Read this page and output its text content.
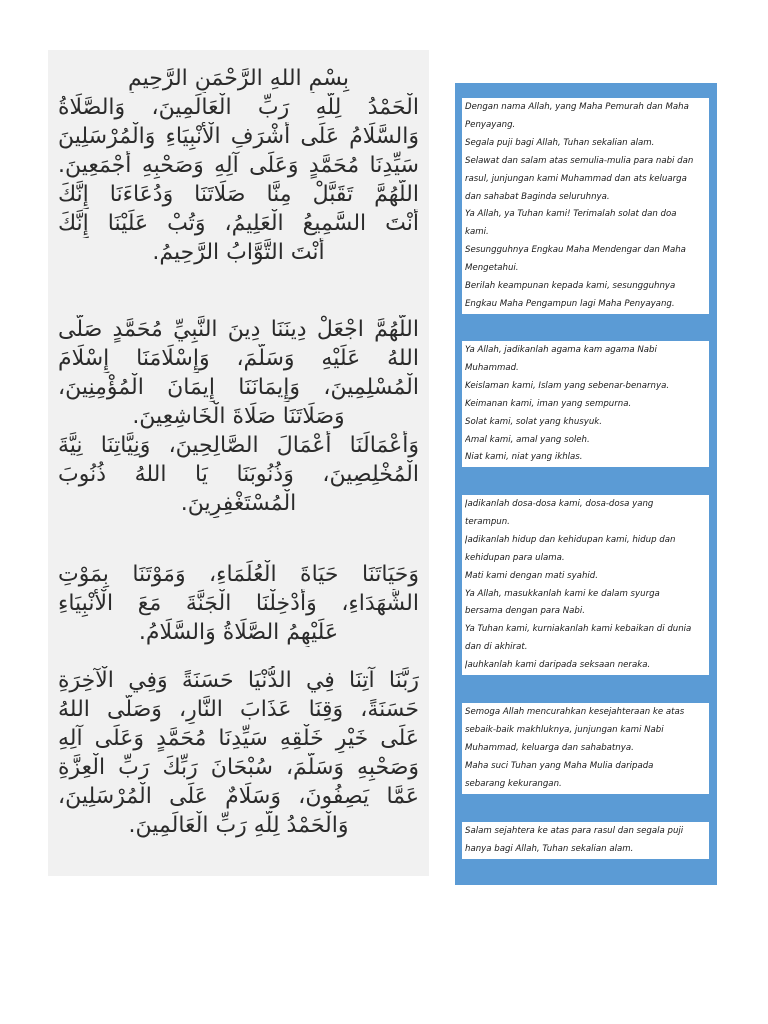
بِسْمِ اللهِ الرَّحْمَنِ الرَّحِيمِ
الْحَمْدُ لِلَّهِ رَبِّ الْعَالَمِينَ، وَالصَّلَاةُ
وَالسَّلَامُ عَلَى أَشْرَفِ الْأَنْبِيَاءِ وَالْمُرْسَلِينَ
سَيِّدِنَا مُحَمَّدٍ وَعَلَى آلِهِ وَصَحْبِهِ أَجْمَعِينَ.
اللَّهُمَّ تَقَبَّلْ مِنَّا صَلَاتَنَا وَدُعَاءَنَا إِنَّكَ
أَنْتَ السَّمِيعُ الْعَلِيمُ، وَتُبْ عَلَيْنَا إِنَّكَ
أَنْتَ التَّوَّابُ الرَّحِيمُ.
اللَّهُمَّ اجْعَلْ دِينَنَا دِينَ النَّبِيِّ مُحَمَّدٍ صَلَّى
اللهُ عَلَيْهِ وَسَلَّمَ، وَإِسْلَامَنَا إِسْلَامَ
الْمُسْلِمِينَ، وَإِيمَانَنَا إِيمَانَ الْمُؤْمِنِينَ،
وَصَلَاتَنَا صَلَاةَ الْخَاشِعِينَ.
وَأَعْمَالَنَا أَعْمَالَ الصَّالِحِينَ، وَنِيَّاتِنَا نِيَّةَ
الْمُخْلِصِينَ، وَذُنُوبَنَا يَا اللهُ ذُنُوبَ
الْمُسْتَغْفِرِينَ.
وَحَيَاتَنَا حَيَاةَ الْعُلَمَاءِ، وَمَوْتَنَا بِمَوْتِ
الشُّهَدَاءِ، وَأَدْخِلْنَا الْجَنَّةَ مَعَ الْأَنْبِيَاءِ
عَلَيْهِمُ الصَّلَاةُ وَالسَّلَامُ.
رَبَّنَا آتِنَا فِي الدُّنْيَا حَسَنَةً وَفِي الْآخِرَةِ
حَسَنَةً، وَقِنَا عَذَابَ النَّارِ، وَصَلَّى اللهُ
عَلَى خَيْرِ خَلْقِهِ سَيِّدِنَا مُحَمَّدٍ وَعَلَى آلِهِ
وَصَحْبِهِ وَسَلَّمَ، سُبْحَانَ رَبِّكَ رَبِّ الْعِزَّةِ
عَمَّا يَصِفُونَ، وَسَلَامٌ عَلَى الْمُرْسَلِينَ،
وَالْحَمْدُ لِلَّهِ رَبِّ الْعَالَمِينَ.
Dengan nama Allah, yang Maha Pemurah dan Maha
Penyayang.
Segala puji bagi Allah, Tuhan sekalian alam.
Selawat dan salam atas semulia-mulia para nabi dan
rasul, junjungan kami Muhammad dan ats keluarga
dan sahabat Baginda seluruhnya.
Ya Allah, ya Tuhan kami! Terimalah solat dan doa
kami.
Sesungguhnya Engkau Maha Mendengar dan Maha
Mengetahui.
Berilah keampunan kepada kami, sesungguhnya
Engkau Maha Pengampun lagi Maha Penyayang.
Ya Allah, jadikanlah agama kam agama Nabi
Muhammad.
Keislaman kami, Islam yang sebenar-benarnya.
Keimanan kami, iman yang sempurna.
Solat kami, solat yang khusyuk.
Amal kami, amal yang soleh.
Niat kami, niat yang ikhlas.
Jadikanlah dosa-dosa kami, dosa-dosa yang
terampun.
Jadikanlah hidup dan kehidupan kami, hidup dan
kehidupan para ulama.
Mati kami dengan mati syahid.
Ya Allah, masukkanlah kami ke dalam syurga
bersama dengan para Nabi.
Ya Tuhan kami, kurniakanlah kami kebaikan di dunia
dan di akhirat.
Jauhkanlah kami daripada seksaan neraka.
Semoga Allah mencurahkan kesejahteraan ke atas
sebaik-baik makhluknya, junjungan kami Nabi
Muhammad, keluarga dan sahabatnya.
Maha suci Tuhan yang Maha Mulia daripada
sebarang kekurangan.
Salam sejahtera ke atas para rasul dan segala puji
hanya bagi Allah, Tuhan sekalian alam.
